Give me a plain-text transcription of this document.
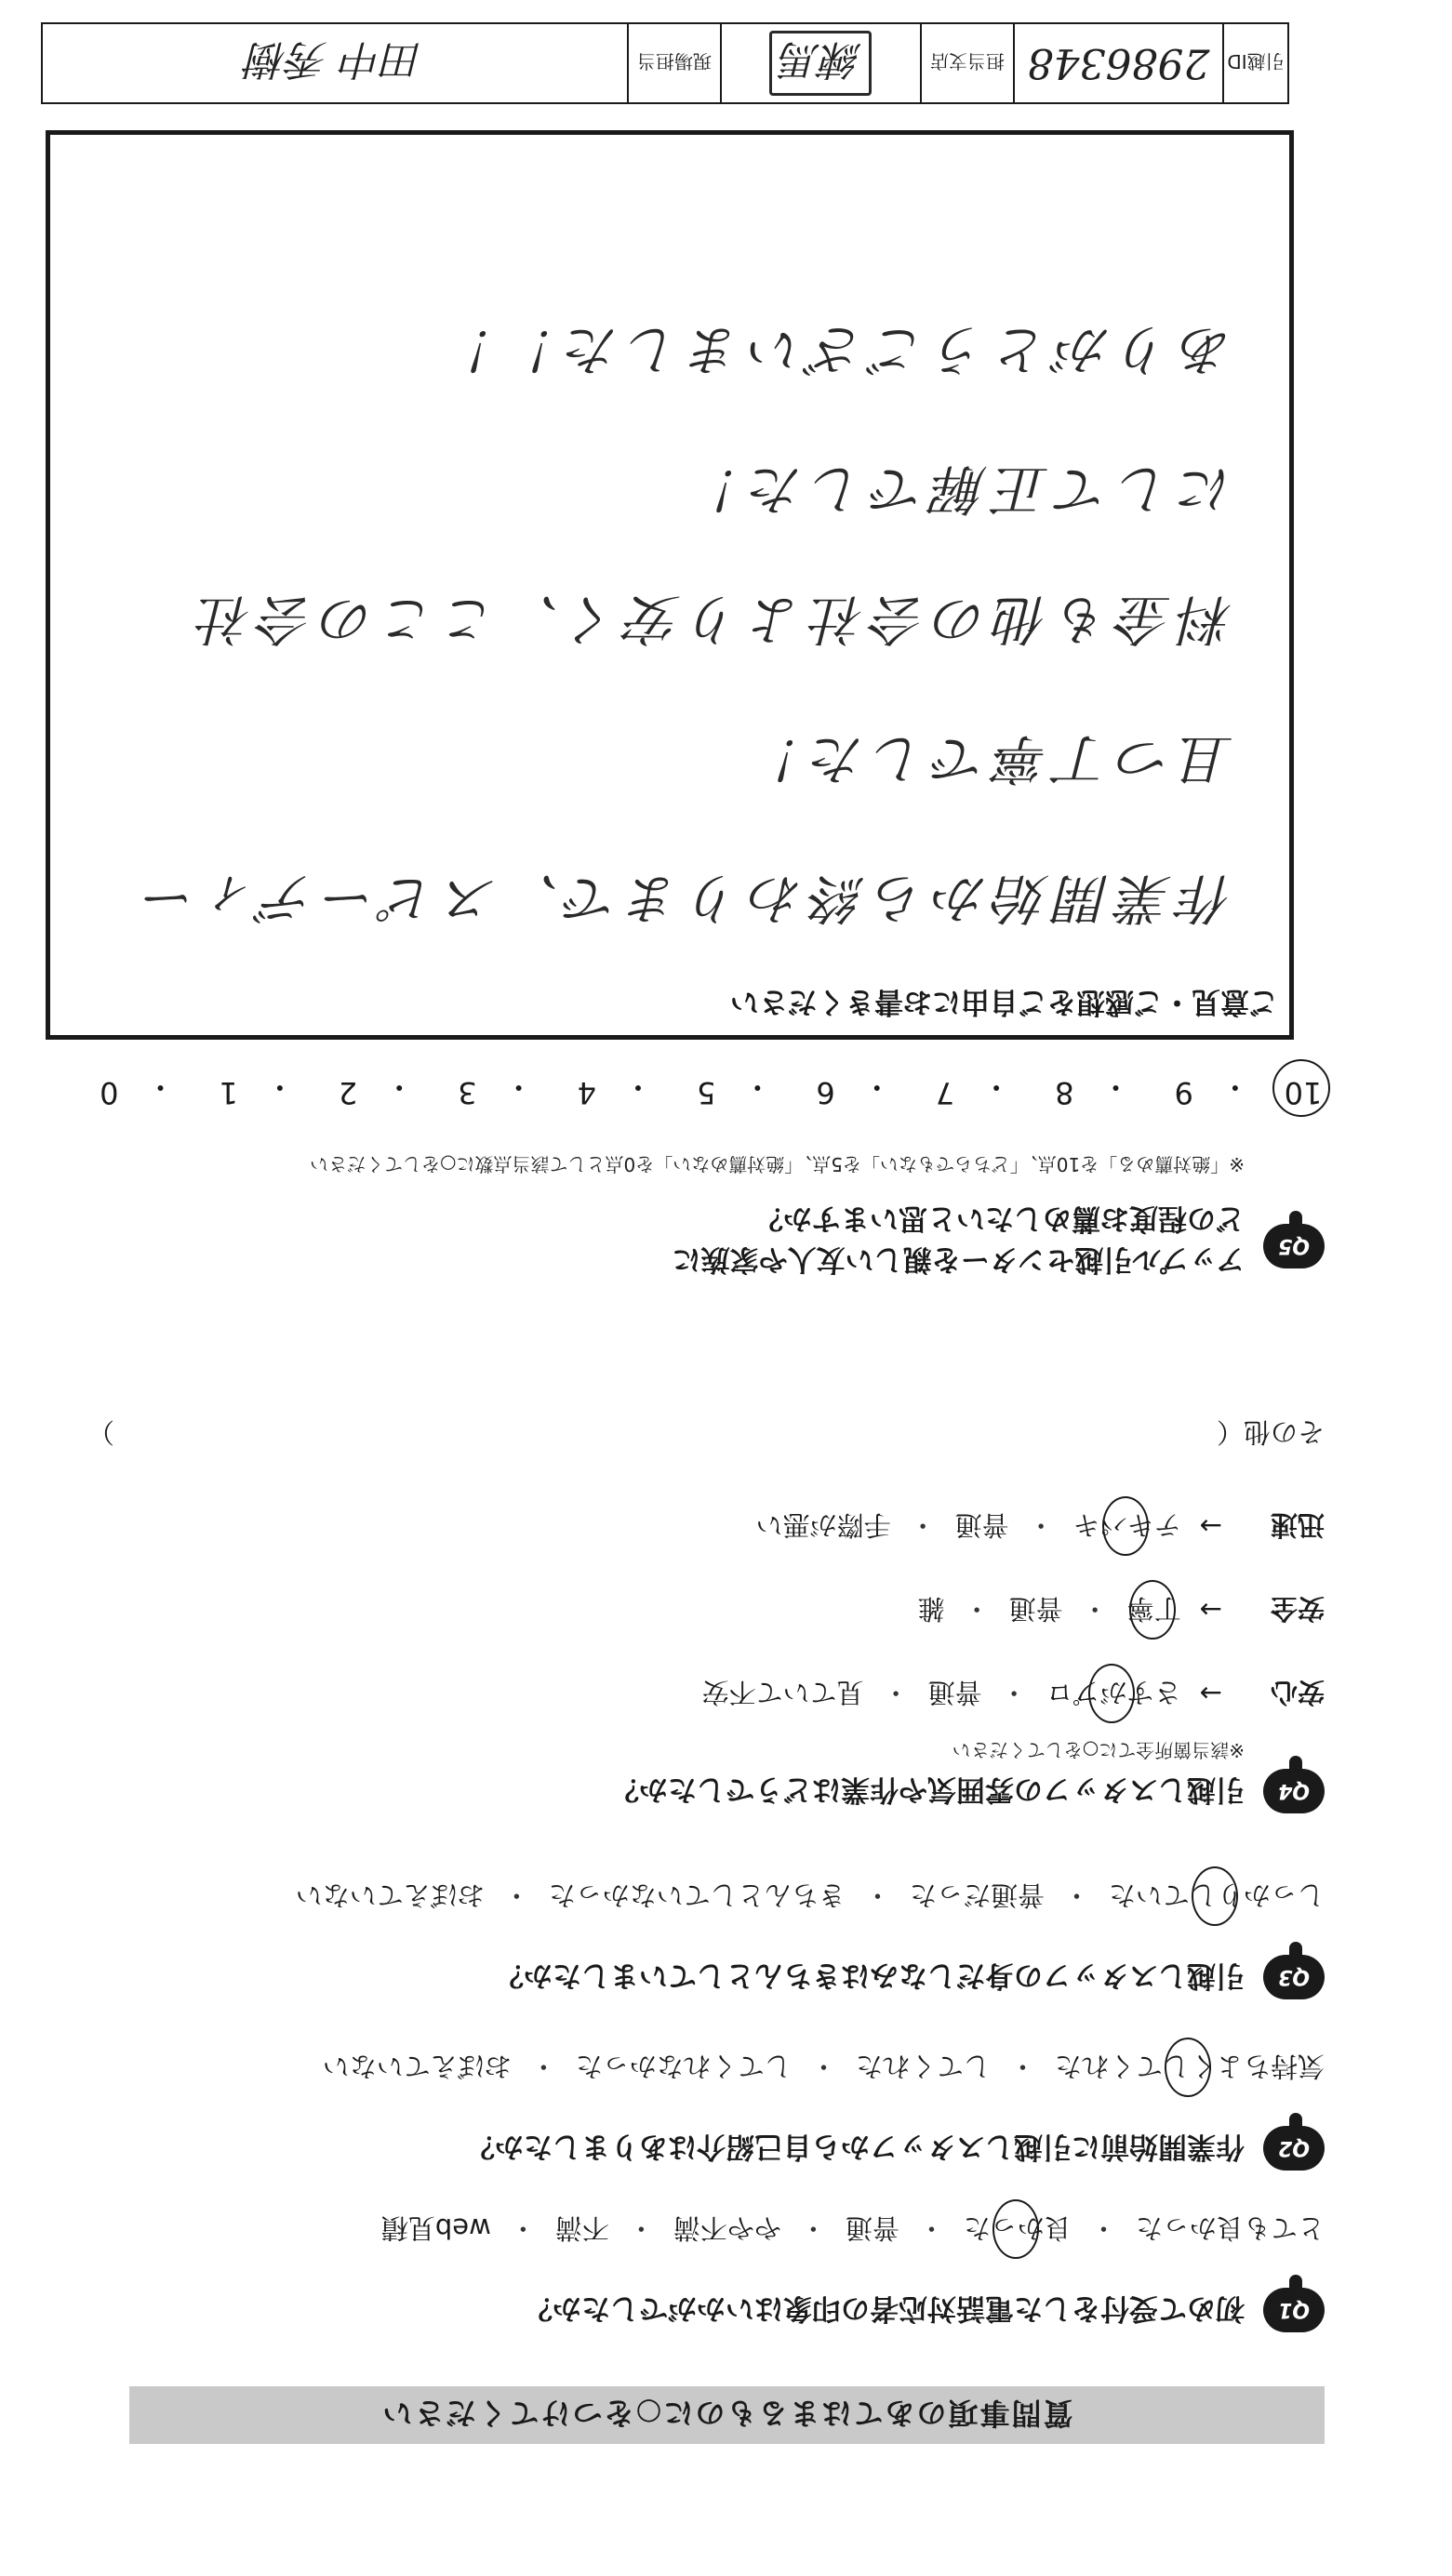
質問事項のあてはまるものに○をつけてください
Q1
初めて受付をした電話対応者の印象はいかがでしたか？
とても良かった
・
良かった
・
普通
・
やや不満
・
不満
・
web見積
Q2
作業開始前に引越しスタッフから自己紹介はありましたか？
気持ちよくしてくれた
・
してくれた
・
してくれなかった
・
おぼえていない
Q3
引越しスタッフの身だしなみはきちんとしていましたか？
しっかりしていた
・
普通だった
・
きちんとしていなかった
・
おぼえていない
Q4
引越しスタッフの雰囲気や作業はどうでしたか？
※該当箇所全てに○をしてください
安心
→
さすがプロ
・
普通
・
見ていて不安
安全
→
丁寧
・
普通
・
雑
迅速
→
テキパキ
・
普通
・
手際が悪い
その他（
）
Q5
アップル引越センターを親しい友人や家族に
どの程度お薦めしたいと思いますか？
※「絶対薦める」を10点、「どちらでもない」を5点、「絶対薦めない」を0点として該当点数に○をしてください
10
・
9
・
8
・
7
・
6
・
5
・
4
・
3
・
2
・
1
・
0
ご意見・ご感想をご自由にお書きください
作業開始から終わりまで、スピーディー
且つ丁寧でした！
料金も他の会社より安く、ここの会社
にして正解でした！
ありがとうございました！！
引越ID
2986348
担当支店
練馬
現場担当
田中 秀樹
